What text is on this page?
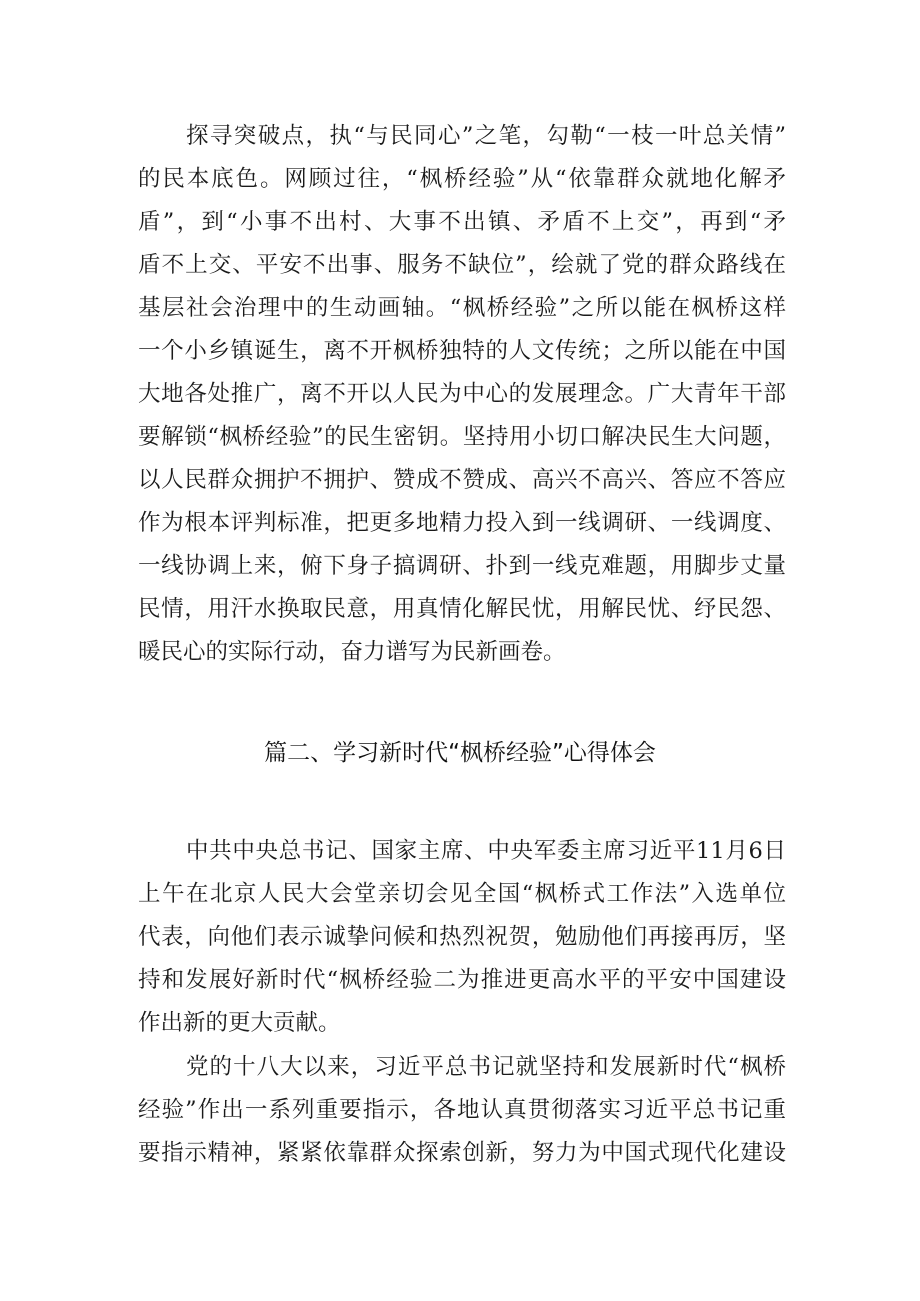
探寻突破点，执“与民同心”之笔，勾勒“一枝一叶总关情”
的民本底色。网顾过往，“枫桥经验”从“依靠群众就地化解矛
盾”，到“小事不出村、大事不出镇、矛盾不上交”，再到“矛
盾不上交、平安不出事、服务不缺位”，绘就了党的群众路线在
基层社会治理中的生动画轴。“枫桥经验”之所以能在枫桥这样
一个小乡镇诞生，离不开枫桥独特的人文传统；之所以能在中国
大地各处推广，离不开以人民为中心的发展理念。广大青年干部
要解锁“枫桥经验”的民生密钥。坚持用小切口解决民生大问题，
以人民群众拥护不拥护、赞成不赞成、高兴不高兴、答应不答应
作为根本评判标准，把更多地精力投入到一线调研、一线调度、
一线协调上来，俯下身子搞调研、扑到一线克难题，用脚步丈量
民情，用汗水换取民意，用真情化解民忧，用解民忧、纾民怨、
暖民心的实际行动，奋力谱写为民新画卷。
篇二、学习新时代“枫桥经验”心得体会
中共中央总书记、国家主席、中央军委主席习近平11月6日
上午在北京人民大会堂亲切会见全国“枫桥式工作法”入选单位
代表，向他们表示诚挚问候和热烈祝贺，勉励他们再接再厉，坚
持和发展好新时代“枫桥经验二为推进更高水平的平安中国建设
作出新的更大贡献。
党的十八大以来，习近平总书记就坚持和发展新时代“枫桥
经验”作出一系列重要指示，各地认真贯彻落实习近平总书记重
要指示精神，紧紧依靠群众探索创新，努力为中国式现代化建设
